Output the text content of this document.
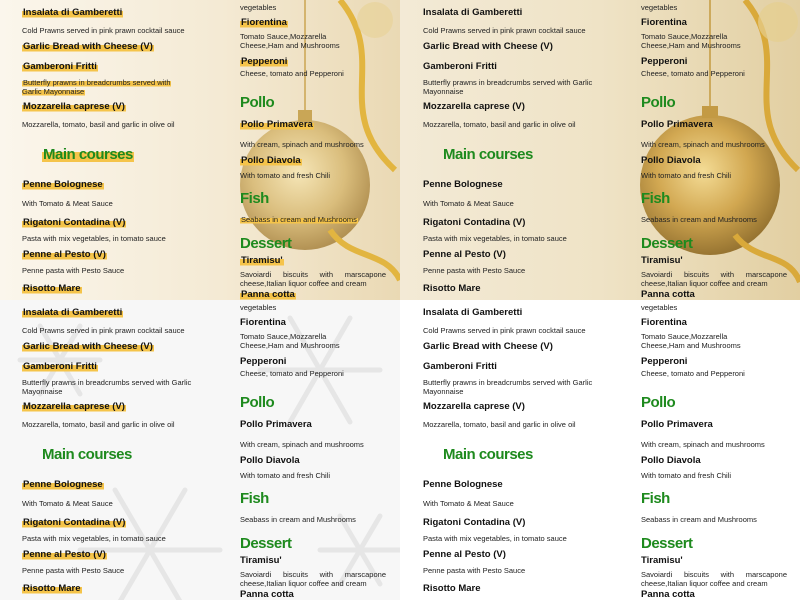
Insalata di Gamberetti
Cold Prawns served in pink prawn cocktail sauce
Garlic Bread with Cheese (V)
Gamberoni Fritti
Butterfly prawns in breadcrumbs served with Garlic Mayonnaise
Mozzarella caprese (V)
Mozzarella, tomato, basil and garlic in olive oil
Main courses
Penne Bolognese
With Tomato & Meat Sauce
Rigatoni Contadina (V)
Pasta with mix vegetables, in tomato sauce
Penne al Pesto (V)
Penne pasta with Pesto Sauce
Risotto Mare
vegetables
Fiorentina
Tomato Sauce,Mozzarella Cheese,Ham and Mushrooms
Pepperoni
Cheese, tomato and Pepperoni
Pollo
Pollo Primavera
With cream, spinach and mushrooms
Pollo Diavola
With tomato and fresh Chili
Fish
Seabass in cream and Mushrooms
Dessert
Tiramisu'
Savoiardi biscuits with marscapone cheese,Italian liquor coffee and cream
Panna cotta
Insalata di Gamberetti
Cold Prawns served in pink prawn cocktail sauce
Garlic Bread with Cheese (V)
Gamberoni Fritti
Butterfly prawns in breadcrumbs served with Garlic Mayonnaise
Mozzarella caprese (V)
Mozzarella, tomato, basil and garlic in olive oil
Main courses
Penne Bolognese
With Tomato & Meat Sauce
Rigatoni Contadina (V)
Pasta with mix vegetables, in tomato sauce
Penne al Pesto (V)
Penne pasta with Pesto Sauce
Risotto Mare
vegetables
Fiorentina
Tomato Sauce,Mozzarella Cheese,Ham and Mushrooms
Pepperoni
Cheese, tomato and Pepperoni
Pollo
Pollo Primavera
With cream, spinach and mushrooms
Pollo Diavola
With tomato and fresh Chili
Fish
Seabass in cream and Mushrooms
Dessert
Tiramisu'
Savoiardi biscuits with marscapone cheese,Italian liquor coffee and cream
Panna cotta
Insalata di Gamberetti
Cold Prawns served in pink prawn cocktail sauce
Garlic Bread with Cheese (V)
Gamberoni Fritti
Butterfly prawns in breadcrumbs served with Garlic Mayonnaise
Mozzarella caprese (V)
Mozzarella, tomato, basil and garlic in olive oil
Main courses
Penne Bolognese
With Tomato & Meat Sauce
Rigatoni Contadina (V)
Pasta with mix vegetables, in tomato sauce
Penne al Pesto (V)
Penne pasta with Pesto Sauce
Risotto Mare
vegetables
Fiorentina
Tomato Sauce,Mozzarella Cheese,Ham and Mushrooms
Pepperoni
Cheese, tomato and Pepperoni
Pollo
Pollo Primavera
With cream, spinach and mushrooms
Pollo Diavola
With tomato and fresh Chili
Fish
Seabass in cream and Mushrooms
Dessert
Tiramisu'
Savoiardi biscuits with marscapone cheese,Italian liquor coffee and cream
Panna cotta
Insalata di Gamberetti
Cold Prawns served in pink prawn cocktail sauce
Garlic Bread with Cheese (V)
Gamberoni Fritti
Butterfly prawns in breadcrumbs served with Garlic Mayonnaise
Mozzarella caprese (V)
Mozzarella, tomato, basil and garlic in olive oil
Main courses
Penne Bolognese
With Tomato & Meat Sauce
Rigatoni Contadina (V)
Pasta with mix vegetables, in tomato sauce
Penne al Pesto (V)
Penne pasta with Pesto Sauce
Risotto Mare
vegetables
Fiorentina
Tomato Sauce,Mozzarella Cheese,Ham and Mushrooms
Pepperoni
Cheese, tomato and Pepperoni
Pollo
Pollo Primavera
With cream, spinach and mushrooms
Pollo Diavola
With tomato and fresh Chili
Fish
Seabass in cream and Mushrooms
Dessert
Tiramisu'
Savoiardi biscuits with marscapone cheese,Italian liquor coffee and cream
Panna cotta
